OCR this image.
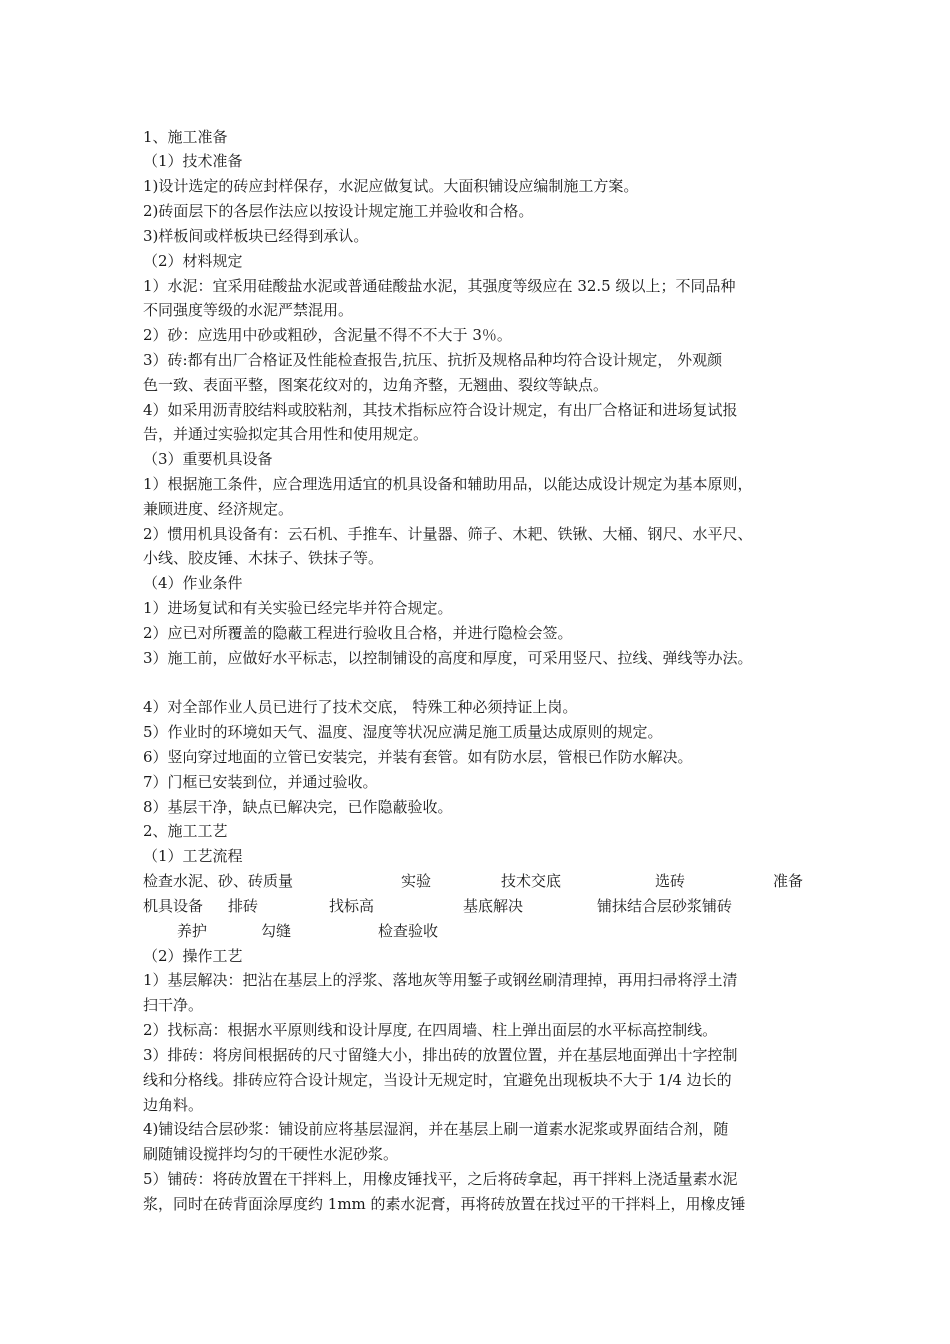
1、施工准备
（1）技术准备
1)设计选定的砖应封样保存，水泥应做复试。大面积铺设应编制施工方案。
2)砖面层下的各层作法应以按设计规定施工并验收和合格。
3)样板间或样板块已经得到承认。
（2）材料规定
1）水泥：宜采用硅酸盐水泥或普通硅酸盐水泥，其强度等级应在 32.5 级以上；不同品种
不同强度等级的水泥严禁混用。
2）砂：应选用中砂或粗砂，含泥量不得不不大于 3％。
3）砖:都有出厂合格证及性能检查报告,抗压、抗折及规格品种均符合设计规定， 外观颜
色一致、表面平整，图案花纹对的，边角齐整，无翘曲、裂纹等缺点。
4）如采用沥青胶结料或胶粘剂，其技术指标应符合设计规定，有出厂合格证和进场复试报
告，并通过实验拟定其合用性和使用规定。
（3）重要机具设备
1）根据施工条件，应合理选用适宜的机具设备和辅助用品，以能达成设计规定为基本原则，
兼顾进度、经济规定。
2）惯用机具设备有：云石机、手推车、计量器、筛子、木耙、铁锹、大桶、钢尺、水平尺、
小线、胶皮锤、木抹子、铁抹子等。
（4）作业条件
1）进场复试和有关实验已经完毕并符合规定。
2）应已对所覆盖的隐蔽工程进行验收且合格，并进行隐检会签。
3）施工前，应做好水平标志，以控制铺设的高度和厚度，可采用竖尺、拉线、弹线等办法。
4）对全部作业人员已进行了技术交底， 特殊工种必须持证上岗。
5）作业时的环境如天气、温度、湿度等状况应满足施工质量达成原则的规定。
6）竖向穿过地面的立管已安装完，并装有套管。如有防水层，管根已作防水解决。
7）门框已安装到位，并通过验收。
8）基层干净，缺点已解决完，已作隐蔽验收。
2、施工工艺
（1）工艺流程
检查水泥、砂、砖质量	实验	技术交底	选砖	准备
机具设备 排砖	找标高	基底解决	铺抹结合层砂浆铺砖
养护	勾缝	检查验收
（2）操作工艺
1）基层解决：把沾在基层上的浮浆、落地灰等用錾子或钢丝刷清理掉，再用扫帚将浮土清
扫干净。
2）找标高：根据水平原则线和设计厚度, 在四周墙、柱上弹出面层的水平标高控制线。
3）排砖：将房间根据砖的尺寸留缝大小，排出砖的放置位置，并在基层地面弹出十字控制
线和分格线。排砖应符合设计规定，当设计无规定时，宜避免出现板块不大于 1/4 边长的
边角料。
4)铺设结合层砂浆：铺设前应将基层湿润，并在基层上刷一道素水泥浆或界面结合剂，随
刷随铺设搅拌均匀的干硬性水泥砂浆。
5）铺砖：将砖放置在干拌料上，用橡皮锤找平，之后将砖拿起，再干拌料上浇适量素水泥
浆，同时在砖背面涂厚度约 1mm 的素水泥膏，再将砖放置在找过平的干拌料上，用橡皮锤
